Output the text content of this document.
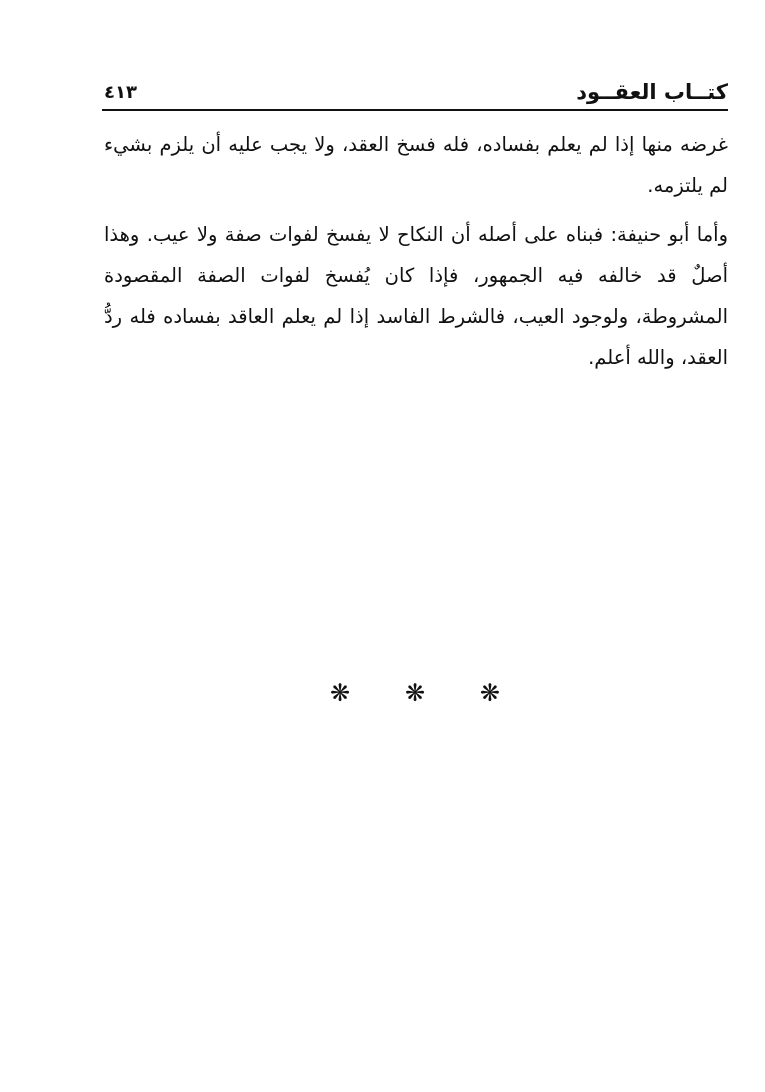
كتــاب العقــود
٤١٣

غرضه منها إذا لم يعلم بفساده، فله فسخ العقد، ولا يجب عليه أن يلزم بشيء لم يلتزمه.

وأما أبو حنيفة: فبناه على أصله أن النكاح لا يفسخ لفوات صفة ولا عيب. وهذا أصلٌ قد خالفه فيه الجمهور، فإذا كان يُفسخ لفوات الصفة المقصودة المشروطة، ولوجود العيب، فالشرط الفاسد إذا لم يعلم العاقد بفساده فله ردُّ العقد، والله أعلم.

❋ ❋ ❋
